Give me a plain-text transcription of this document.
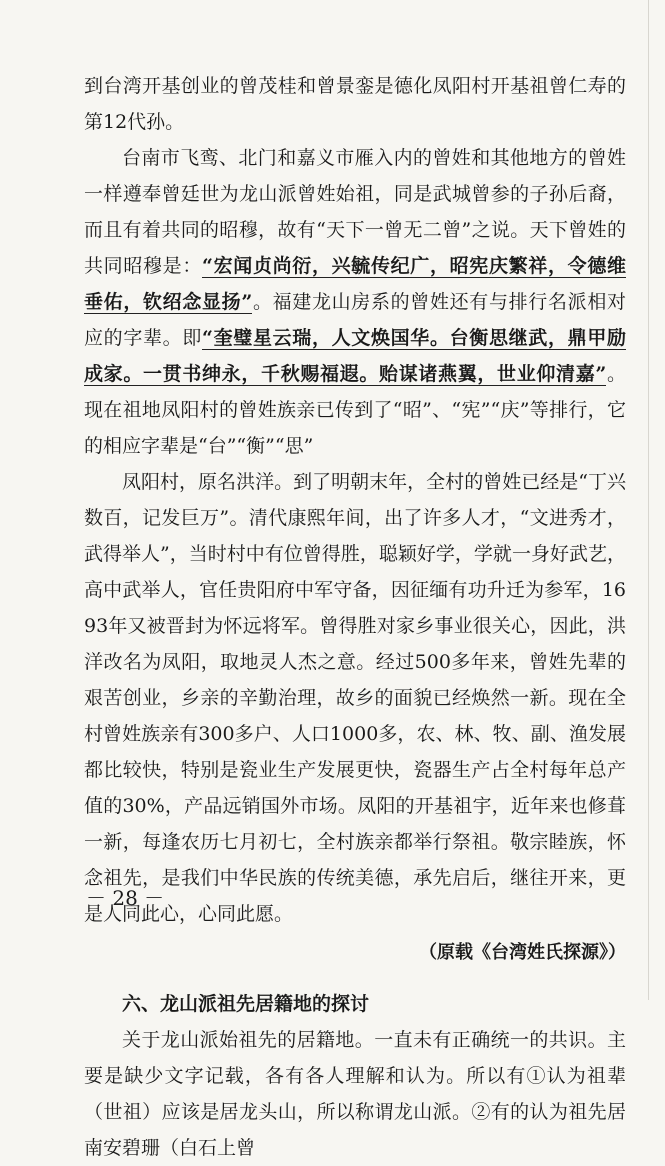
到台湾开基创业的曾茂桂和曾景銮是德化凤阳村开基祖曾仁寿的第12代孙。

台南市飞鸾、北门和嘉义市雁入内的曾姓和其他地方的曾姓一样遵奉曾廷世为龙山派曾姓始祖，同是武城曾参的子孙后裔，而且有着共同的昭穆，故有“天下一曾无二曾”之说。天下曾姓的共同昭穆是：“宏闻贞尚衍，兴毓传纪广，昭宪庆繁祥，令德维垂佑，钦绍念显扬”。福建龙山房系的曾姓还有与排行名派相对应的字辈。即“奎璧星云瑞，人文焕国华。台衡思继武，鼎甲励成家。一贯书绅永，千秋赐福遐。贻谋诸燕翼，世业仰清嘉”。现在祖地凤阳村的曾姓族亲已传到了“昭”、“宪”“庆”等排行，它的相应字辈是“台”“衡”“思”

凤阳村，原名洪洋。到了明朝末年，全村的曾姓已经是“丁兴数百，记发巨万”。清代康熙年间，出了许多人才，“文进秀才，武得举人”，当时村中有位曾得胜，聪颖好学，学就一身好武艺，高中武举人，官任贵阳府中军守备，因征缅有功升迁为参军，1693年又被晋封为怀远将军。曾得胜对家乡事业很关心，因此，洪洋改名为凤阳，取地灵人杰之意。经过500多年来，曾姓先辈的艰苦创业，乡亲的辛勤治理，故乡的面貌已经焕然一新。现在全村曾姓族亲有300多户、人口1000多，农、林、牧、副、渔发展都比较快，特别是瓷业生产发展更快，瓷器生产占全村每年总产值的30%，产品远销国外市场。凤阳的开基祖宇，近年来也修葺一新，每逢农历七月初七，全村族亲都举行祭祖。敬宗睦族，怀念祖先，是我们中华民族的传统美德，承先启后，继往开来，更是人同此心，心同此愿。

（原载《台湾姓氏探源》）

六、龙山派祖先居籍地的探讨

关于龙山派始祖先的居籍地。一直未有正确统一的共识。主要是缺少文字记载，各有各人理解和认为。所以有①认为祖辈（世祖）应该是居龙头山，所以称谓龙山派。②有的认为祖先居南安碧珊（白石上曾

－ 28 －
